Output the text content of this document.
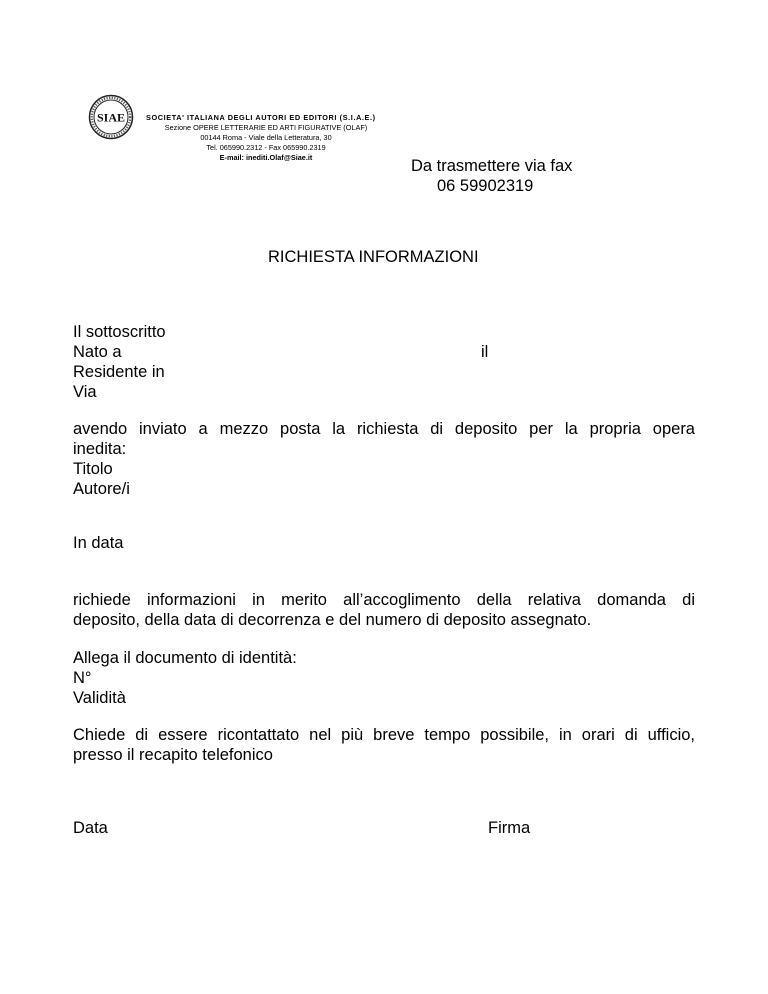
SIAE	SOCIETA' ITALIANA DEGLI AUTORI ED EDITORI (S.I.A.E.)
Sezione OPERE LETTERARIE ED ARTI FIGURATIVE (OLAF)
00144 Roma - Viale della Letteratura, 30
Tel. 065990.2312 - Fax 065990.2319
E-mail: inediti.Olaf@Siae.it	Da trasmettere via fax
06 59902319
RICHIESTA INFORMAZIONI
Il sottoscritto
Nato a	il
Residente in
Via
avendo inviato a mezzo posta la richiesta di deposito per la propria opera
inedita:
Titolo
Autore/i
In data
richiede informazioni in merito all’accoglimento della relativa domanda di
deposito, della data di decorrenza e del numero di deposito assegnato.
Allega il documento di identità:
N°
Validità
Chiede di essere ricontattato nel più breve tempo possibile, in orari di ufficio,
presso il recapito telefonico
Data	Firma
